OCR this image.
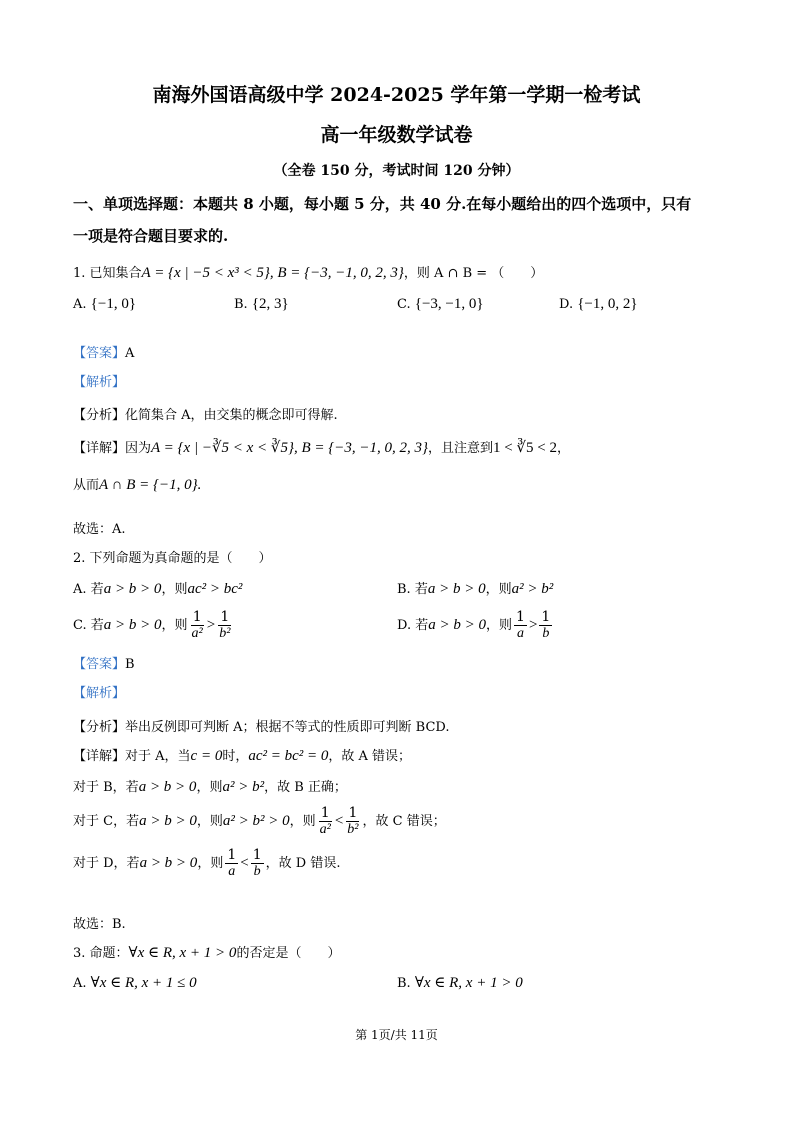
南海外国语高级中学 2024-2025 学年第一学期一检考试
高一年级数学试卷
（全卷 150 分，考试时间 120 分钟）
一、单项选择题：本题共 8 小题，每小题 5 分，共 40 分.在每小题给出的四个选项中，只有
一项是符合题目要求的.
1. 已知集合A = {x | −5 < x³ < 5}, B = {−3, −1, 0, 2, 3}，则 A ∩ B = （　　）
A. {−1, 0}	B. {2, 3}	C. {−3, −1, 0}	D. {−1, 0, 2}
【答案】A
【解析】
【分析】化简集合 A，由交集的概念即可得解.
【详解】因为A = {x | −∛5 < x < ∛5}, B = {−3, −1, 0, 2, 3}，且注意到1 < ∛5 < 2，
从而A ∩ B = {−1, 0}.
故选：A.
2. 下列命题为真命题的是（　　）
A. 若a > b > 0，则ac² > bc²	B. 若a > b > 0，则a² > b²
C. 若a > b > 0，则 $\frac{1}{\text{a²}} > \frac{1}{\text{b²}}$	D. 若a > b > 0，则 $\frac{1}{a} > \frac{1}{b}$
【答案】B
【解析】
【分析】举出反例即可判断 A；根据不等式的性质即可判断 BCD.
【详解】对于 A，当c = 0时，ac² = bc² = 0，故 A 错误；
对于 B，若a > b > 0，则a² > b²，故 B 正确；
对于 C，若a > b > 0，则a² > b² > 0，则 $\frac{1}{\text{a²}} < \frac{1}{\text{b²}}$ ，故 C 错误；
对于 D，若a > b > 0，则 $\frac{1}{a} < \frac{1}{b}$ ，故 D 错误.
故选：B.
3. 命题：∀x ∈ R, x + 1 > 0的否定是（　　）
A. ∀x ∈ R, x + 1 ≤ 0	B. ∀x ∈ R, x + 1 > 0
第 1页/共 11页
